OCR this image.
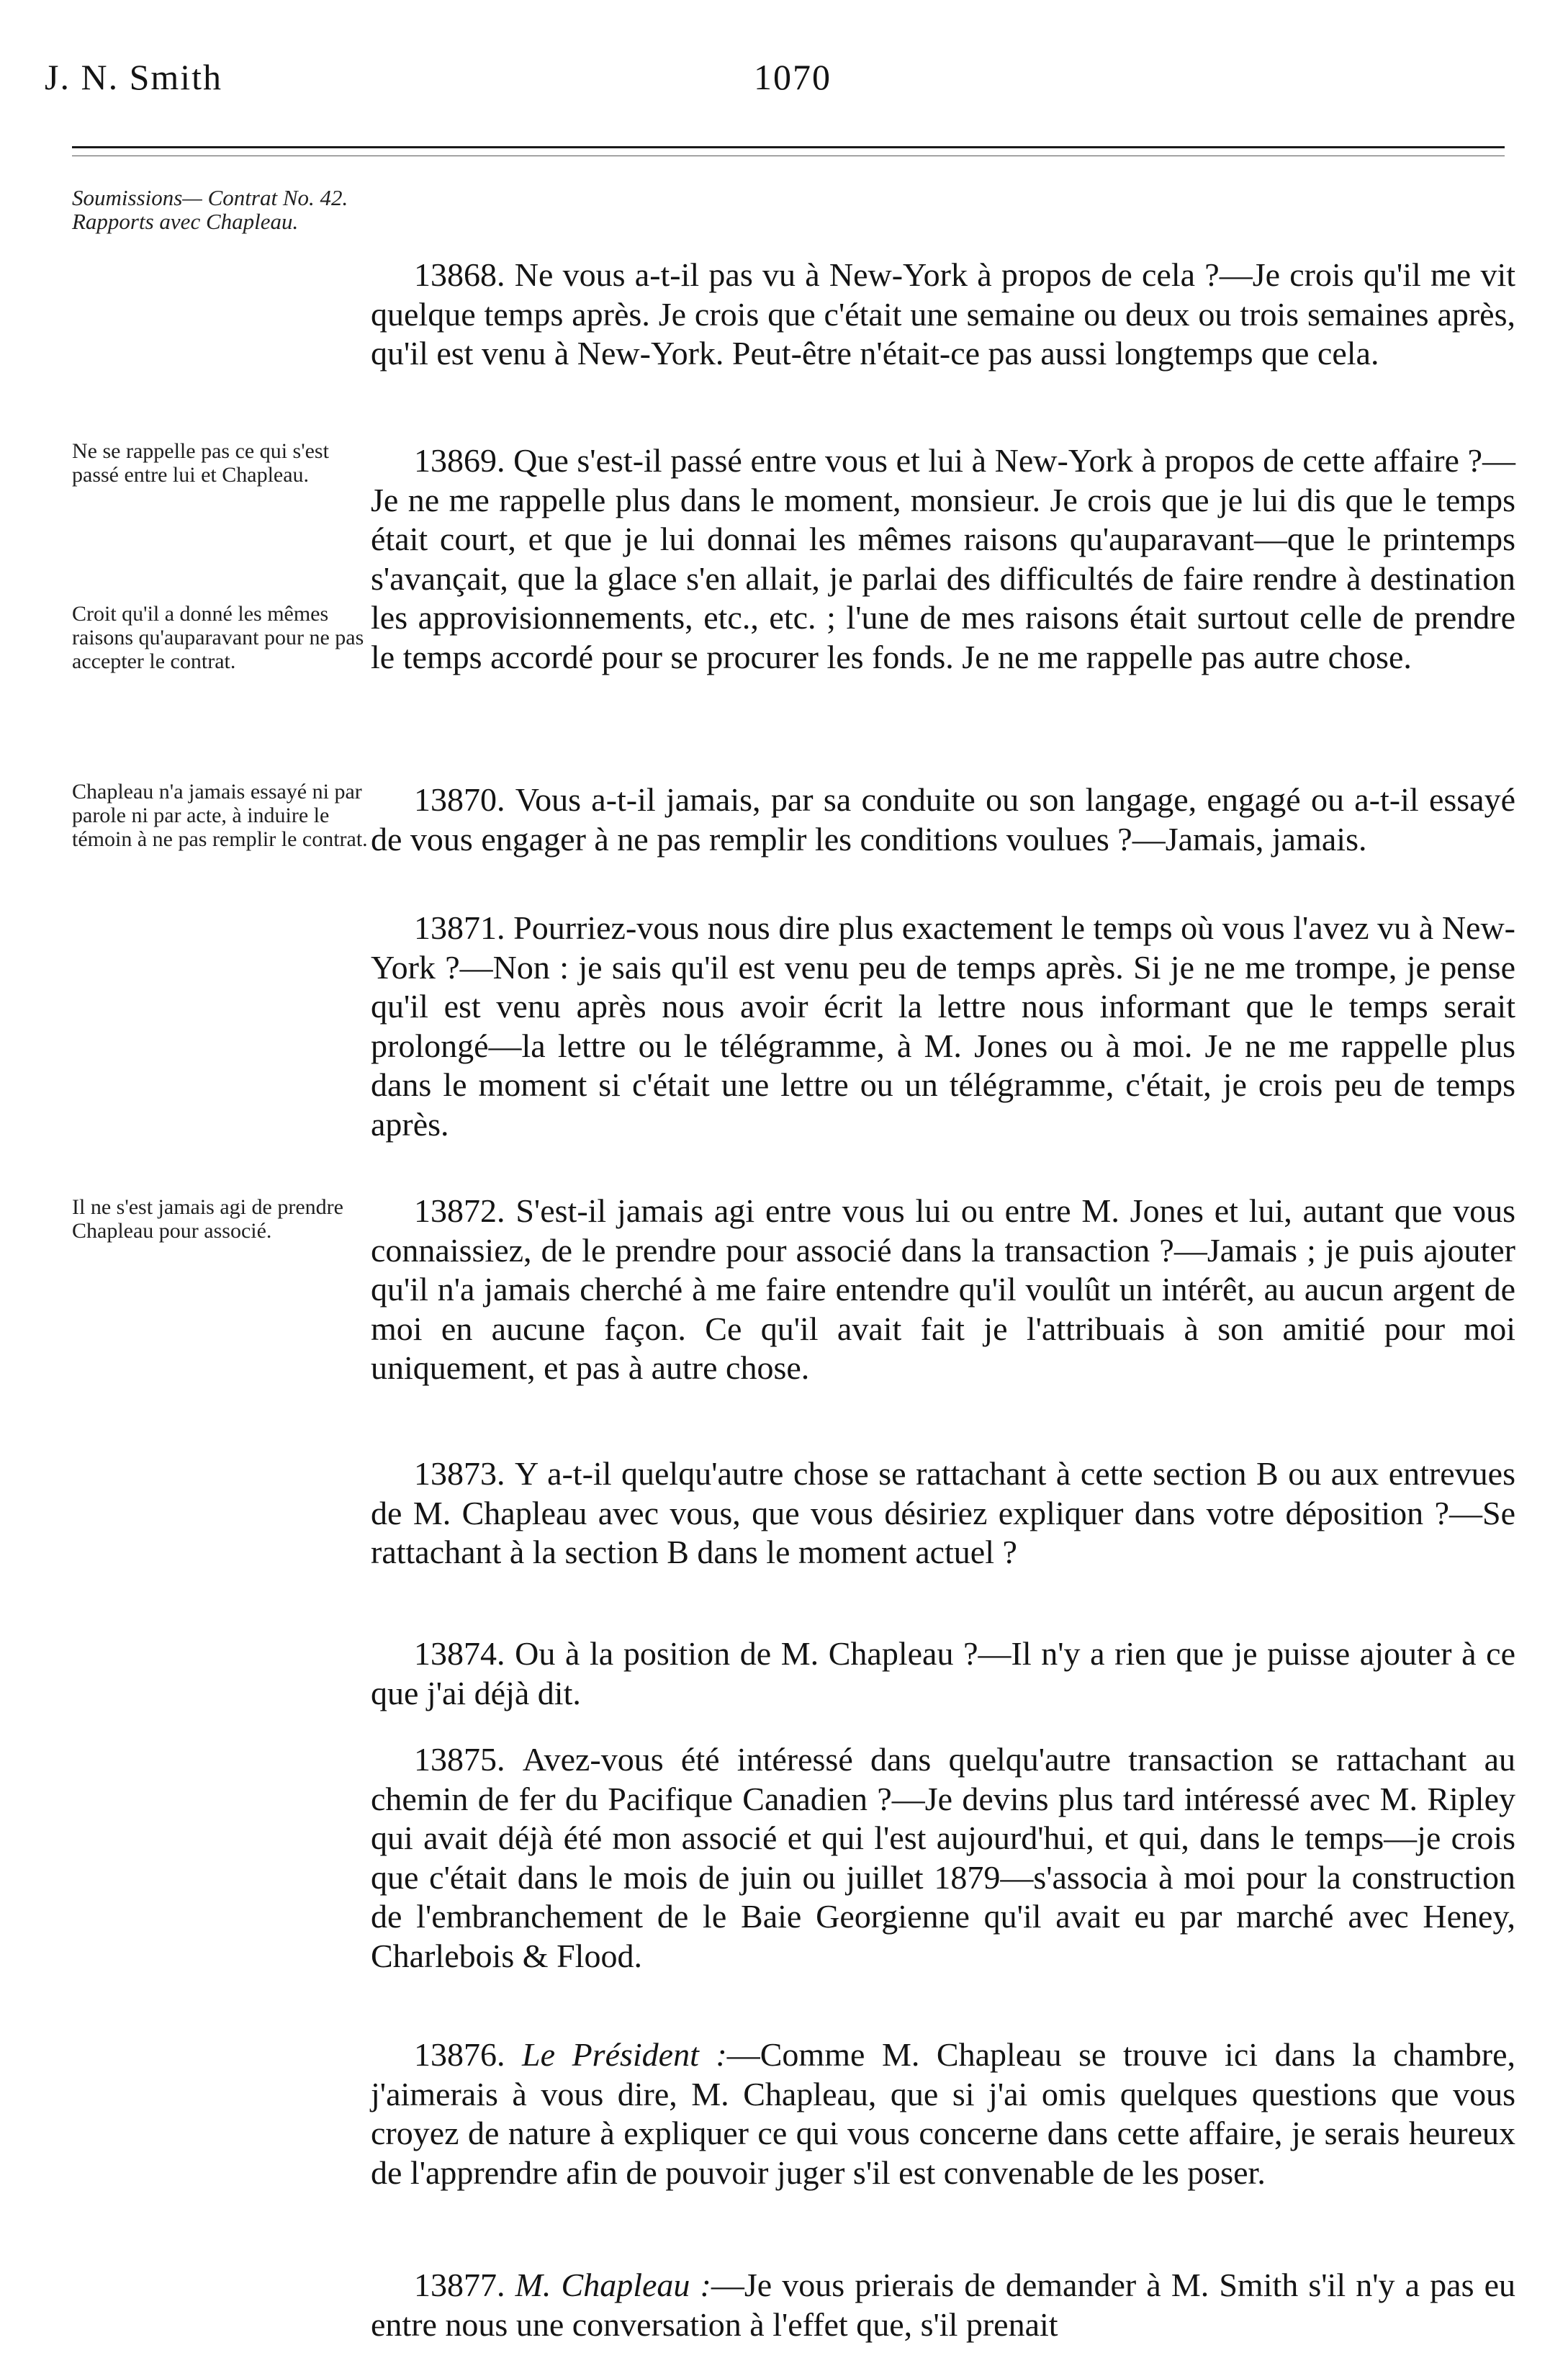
J. N. Smith	1070
Soumissions— Contrat No. 42. Rapports avec Chapleau.
Ne se rappelle pas ce qui s'est passé entre lui et Chapleau.
Croit qu'il a donné les mêmes raisons qu'auparavant pour ne pas accepter le contrat.
Chapleau n'a jamais essayé ni par parole ni par acte, à induire le témoin à ne pas remplir le contrat.
Il ne s'est jamais agi de prendre Chapleau pour associé.
13868. Ne vous a-t-il pas vu à New-York à propos de cela ?—Je crois qu'il me vit quelque temps après. Je crois que c'était une semaine ou deux ou trois semaines après, qu'il est venu à New-York. Peut-être n'était-ce pas aussi longtemps que cela.
13869. Que s'est-il passé entre vous et lui à New-York à propos de cette affaire ?—Je ne me rappelle plus dans le moment, monsieur. Je crois que je lui dis que le temps était court, et que je lui donnai les mêmes raisons qu'auparavant—que le printemps s'avançait, que la glace s'en allait, je parlai des difficultés de faire rendre à destination les approvisionnements, etc., etc. ; l'une de mes raisons était surtout celle de prendre le temps accordé pour se procurer les fonds. Je ne me rappelle pas autre chose.
13870. Vous a-t-il jamais, par sa conduite ou son langage, engagé ou a-t-il essayé de vous engager à ne pas remplir les conditions voulues ?—Jamais, jamais.
13871. Pourriez-vous nous dire plus exactement le temps où vous l'avez vu à New-York ?—Non : je sais qu'il est venu peu de temps après. Si je ne me trompe, je pense qu'il est venu après nous avoir écrit la lettre nous informant que le temps serait prolongé—la lettre ou le télégramme, à M. Jones ou à moi. Je ne me rappelle plus dans le moment si c'était une lettre ou un télégramme, c'était, je crois peu de temps après.
13872. S'est-il jamais agi entre vous lui ou entre M. Jones et lui, autant que vous connaissiez, de le prendre pour associé dans la transaction ?—Jamais ; je puis ajouter qu'il n'a jamais cherché à me faire entendre qu'il voulût un intérêt, au aucun argent de moi en aucune façon. Ce qu'il avait fait je l'attribuais à son amitié pour moi uniquement, et pas à autre chose.
13873. Y a-t-il quelqu'autre chose se rattachant à cette section B ou aux entrevues de M. Chapleau avec vous, que vous désiriez expliquer dans votre déposition ?—Se rattachant à la section B dans le moment actuel ?
13874. Ou à la position de M. Chapleau ?—Il n'y a rien que je puisse ajouter à ce que j'ai déjà dit.
13875. Avez-vous été intéressé dans quelqu'autre transaction se rattachant au chemin de fer du Pacifique Canadien ?—Je devins plus tard intéressé avec M. Ripley qui avait déjà été mon associé et qui l'est aujourd'hui, et qui, dans le temps—je crois que c'était dans le mois de juin ou juillet 1879—s'associa à moi pour la construction de l'embranchement de le Baie Georgienne qu'il avait eu par marché avec Heney, Charlebois & Flood.
13876. Le Président :—Comme M. Chapleau se trouve ici dans la chambre, j'aimerais à vous dire, M. Chapleau, que si j'ai omis quelques questions que vous croyez de nature à expliquer ce qui vous concerne dans cette affaire, je serais heureux de l'apprendre afin de pouvoir juger s'il est convenable de les poser.
13877. M. Chapleau :—Je vous prierais de demander à M. Smith s'il n'y a pas eu entre nous une conversation à l'effet que, s'il prenait
